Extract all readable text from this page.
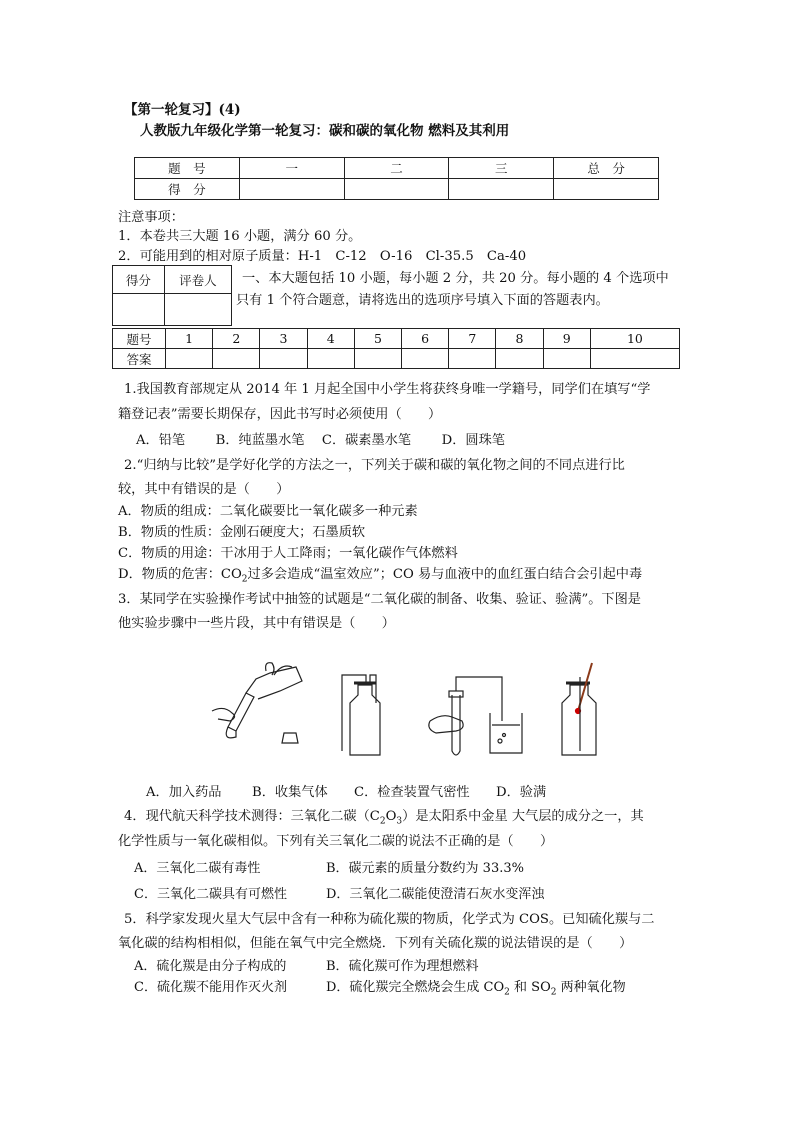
【第一轮复习】(4)
人教版九年级化学第一轮复习：碳和碳的氧化物 燃料及其利用
题　号	一	二	三	总　分
得　分				
注意事项：
1．本卷共三大题 16 小题，满分 60 分。
2．可能用到的相对原子质量：H-1　C-12　O-16　Cl-35.5　Ca-40
得分	评卷人
	一、本大题包括 10 小题，每小题 2 分，共 20 分。每小题的 4 个选项中
只有 1 个符合题意，请将选出的选项序号填入下面的答题表内。
题号	1	2	3	4	5	6	7	8	9	10
答案										
1.我国教育部规定从 2014 年 1 月起全国中小学生将获终身唯一学籍号，同学们在填写“学
籍登记表”需要长期保存，因此书写时必须使用（　　）
A．铅笔　　 B．纯蓝墨水笔　 C．碳素墨水笔　　 D．圆珠笔
2.“归纳与比较”是学好化学的方法之一，下列关于碳和碳的氧化物之间的不同点进行比
较，其中有错误的是（　　）
A．物质的组成：二氧化碳要比一氧化碳多一种元素
B．物质的性质：金刚石硬度大；石墨质软
C．物质的用途：干冰用于人工降雨；一氧化碳作气体燃料
D．物质的危害：$CO_2$过多会造成“温室效应”；CO 易与血液中的血红蛋白结合会引起中毒
3．某同学在实验操作考试中抽签的试题是“二氧化碳的制备、收集、验证、验满”。下图是
他实验步骤中一些片段，其中有错误是（　　）
A．加入药品　　 B．收集气体　　C．检查装置气密性　　D．验满
4．现代航天科学技术测得：三氧化二碳$(C_2O_3)$是太阳系中金星 大气层的成分之一，其
化学性质与一氧化碳相似。下列有关三氧化二碳的说法不正确的是（　　）
A．三氧化二碳有毒性	B．碳元素的质量分数约为 33.3%
C．三氧化二碳具有可燃性	D．三氧化二碳能使澄清石灰水变浑浊
5．科学家发现火星大气层中含有一种称为硫化羰的物质，化学式为 COS。已知硫化羰与二
氧化碳的结构相相似，但能在氧气中完全燃烧．下列有关硫化羰的说法错误的是（　　）
A．硫化羰是由分子构成的	B．硫化羰可作为理想燃料
C．硫化羰不能用作灭火剂	D．硫化羰完全燃烧会生成 $CO_2$ 和 $SO_2$ 两种氧化物
